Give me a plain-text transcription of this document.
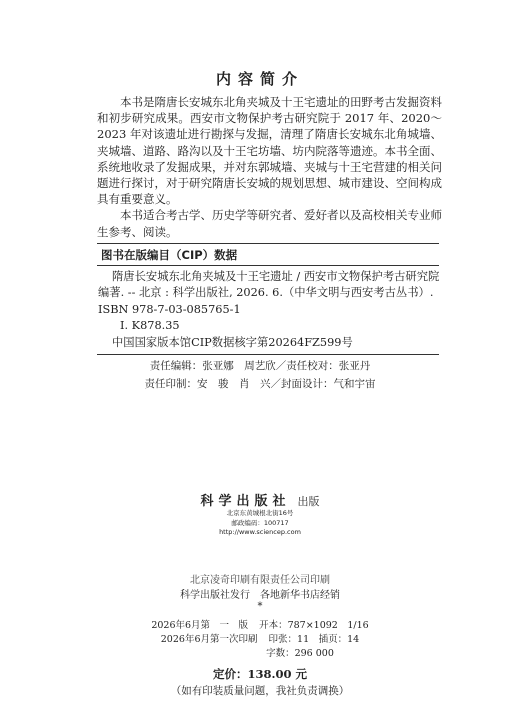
内容简介

本书是隋唐长安城东北角夹城及十王宅遗址的田野考古发掘资料和初步研究成果。西安市文物保护考古研究院于 2017 年、2020～2023 年对该遗址进行勘探与发掘，清理了隋唐长安城东北角城墙、夹城墙、道路、路沟以及十王宅坊墙、坊内院落等遗迹。本书全面、系统地收录了发掘成果，并对东郭城墙、夹城与十王宅营建的相关问题进行探讨，对于研究隋唐长安城的规划思想、城市建设、空间构成具有重要意义。

本书适合考古学、历史学等研究者、爱好者以及高校相关专业师生参考、阅读。

图书在版编目（CIP）数据
隋唐长安城东北角夹城及十王宅遗址 / 西安市文物保护考古研究院
编著. -- 北京 : 科学出版社, 2026. 6.（中华文明与西安考古丛书）.
ISBN 978-7-03-085765-1
Ⅰ. K878.35
中国国家版本馆CIP数据核字第20264FZ599号
责任编辑：张亚娜　周艺欣／责任校对：张亚丹
责任印制：安　骏　肖　兴／封面设计：气和宇宙
科学出版社 出版
北京东黄城根北街16号
邮政编码：100717
http://www.sciencep.com
北京凌奇印刷有限责任公司印刷
科学出版社发行　各地新华书店经销
*
2026年6月第　一　版 开本：787×1092　1/16
2026年6月第一次印刷 印张：11　插页：14
字数：296 000
定价：138.00 元
（如有印装质量问题，我社负责调换）
